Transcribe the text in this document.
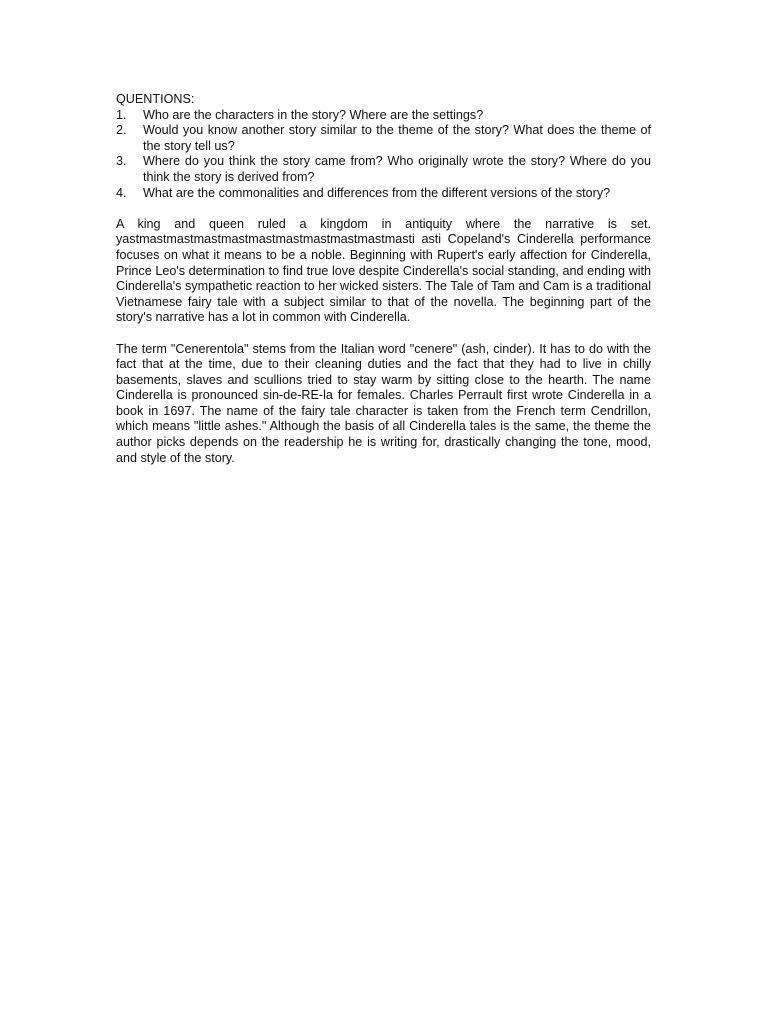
QUENTIONS:

1.	Who are the characters in the story? Where are the settings?
2.	Would you know another story similar to the theme of the story? What does the theme of the story tell us?
3.	Where do you think the story came from? Who originally wrote the story? Where do you think the story is derived from?
4.	What are the commonalities and differences from the different versions of the story?

A king and queen ruled a kingdom in antiquity where the narrative is set. yastmastmastmastmastmastmastmastmastmastmasti asti Copeland's Cinderella performance focuses on what it means to be a noble. Beginning with Rupert's early affection for Cinderella, Prince Leo's determination to find true love despite Cinderella's social standing, and ending with Cinderella's sympathetic reaction to her wicked sisters. The Tale of Tam and Cam is a traditional Vietnamese fairy tale with a subject similar to that of the novella. The beginning part of the story's narrative has a lot in common with Cinderella.

The term "Cenerentola" stems from the Italian word "cenere" (ash, cinder). It has to do with the fact that at the time, due to their cleaning duties and the fact that they had to live in chilly basements, slaves and scullions tried to stay warm by sitting close to the hearth. The name Cinderella is pronounced sin-de-RE-la for females. Charles Perrault first wrote Cinderella in a book in 1697. The name of the fairy tale character is taken from the French term Cendrillon, which means "little ashes." Although the basis of all Cinderella tales is the same, the theme the author picks depends on the readership he is writing for, drastically changing the tone, mood, and style of the story.
